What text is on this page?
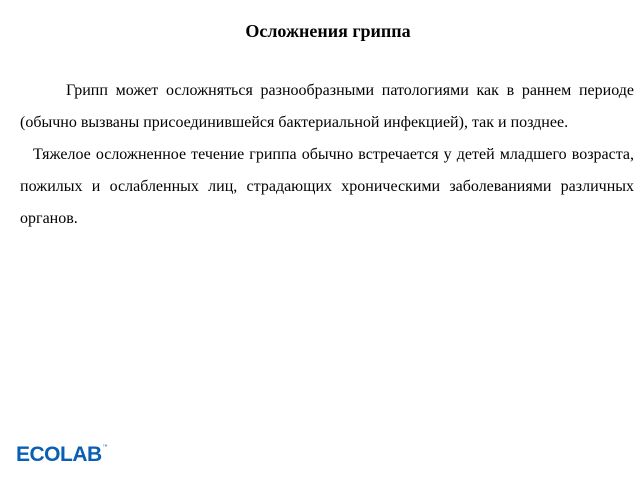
Осложнения гриппа

Грипп может осложняться разнообразными патологиями как в раннем периоде (обычно вызваны присоединившейся бактериальной инфекцией), так и позднее.

Тяжелое осложненное течение гриппа обычно встречается у детей младшего возраста, пожилых и ослабленных лиц, страдающих хроническими заболеваниями различных органов.

ECOLAB ™
